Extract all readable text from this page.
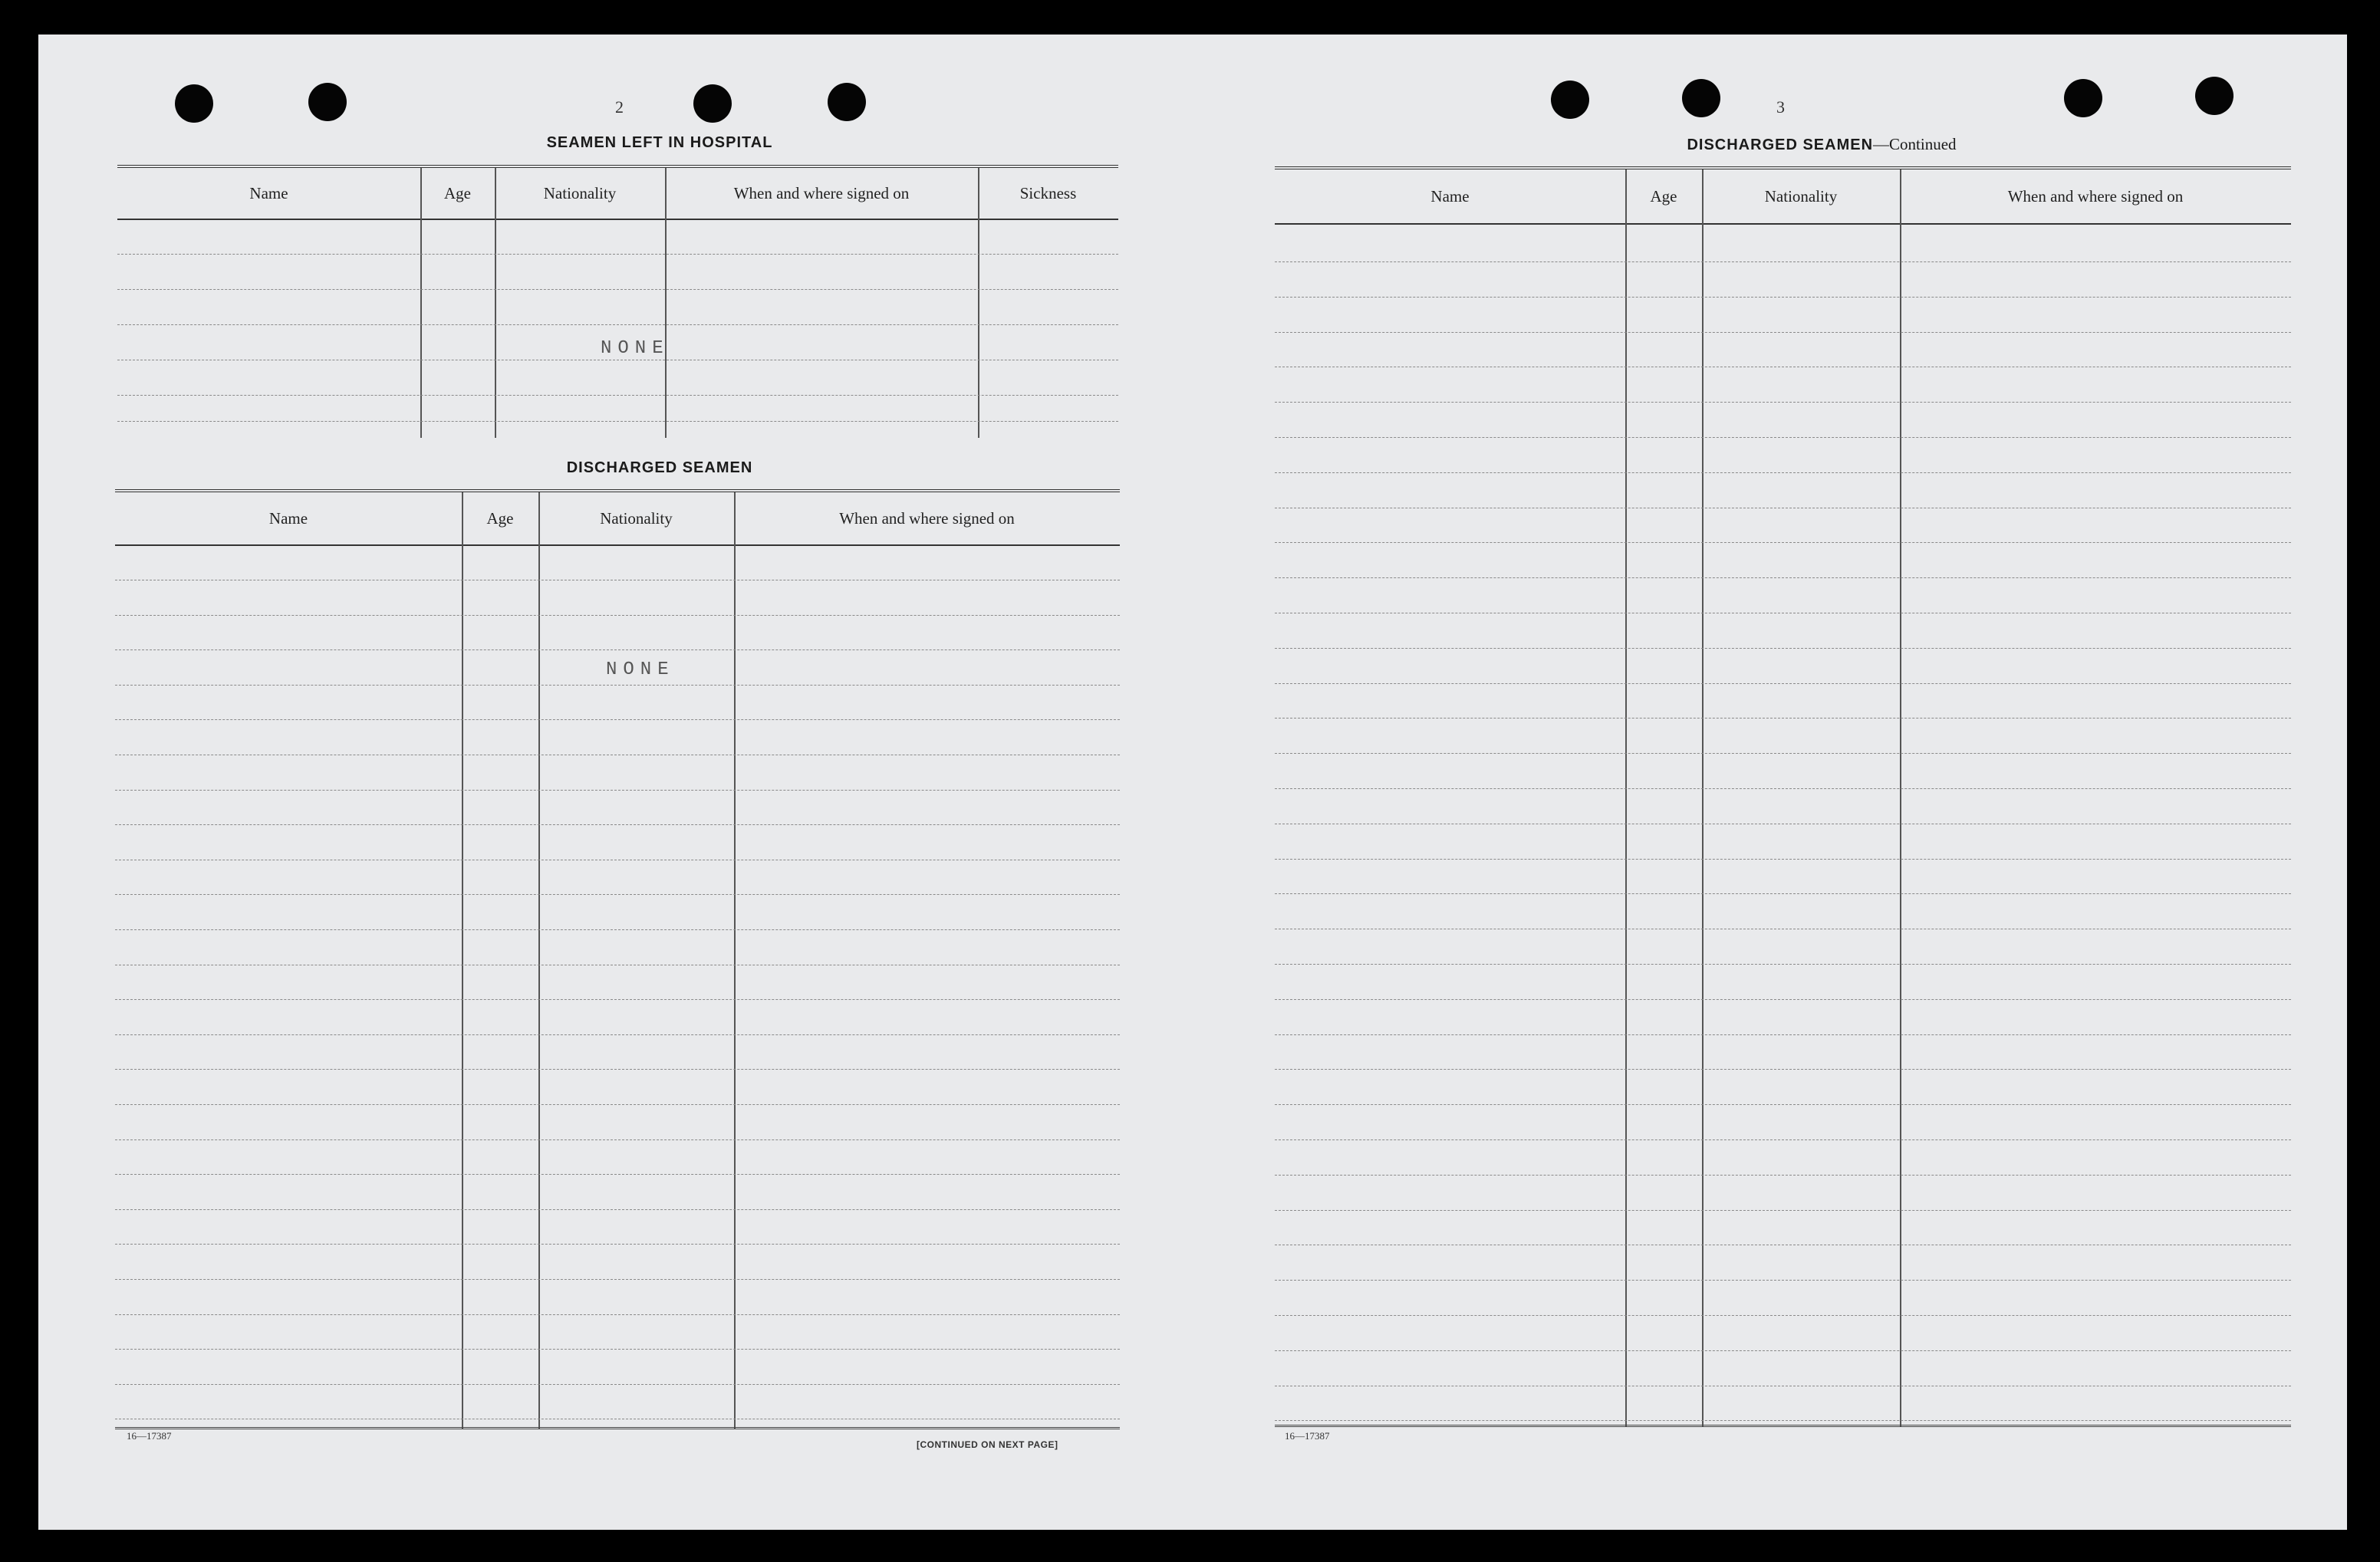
2
SEAMEN LEFT IN HOSPITAL
Name	Age	Nationality	When and where signed on	Sickness
NONE
DISCHARGED SEAMEN
Name	Age	Nationality	When and where signed on
NONE
16—17387
[CONTINUED ON NEXT PAGE]
3
DISCHARGED SEAMEN—Continued
Name	Age	Nationality	When and where signed on
16—17387
